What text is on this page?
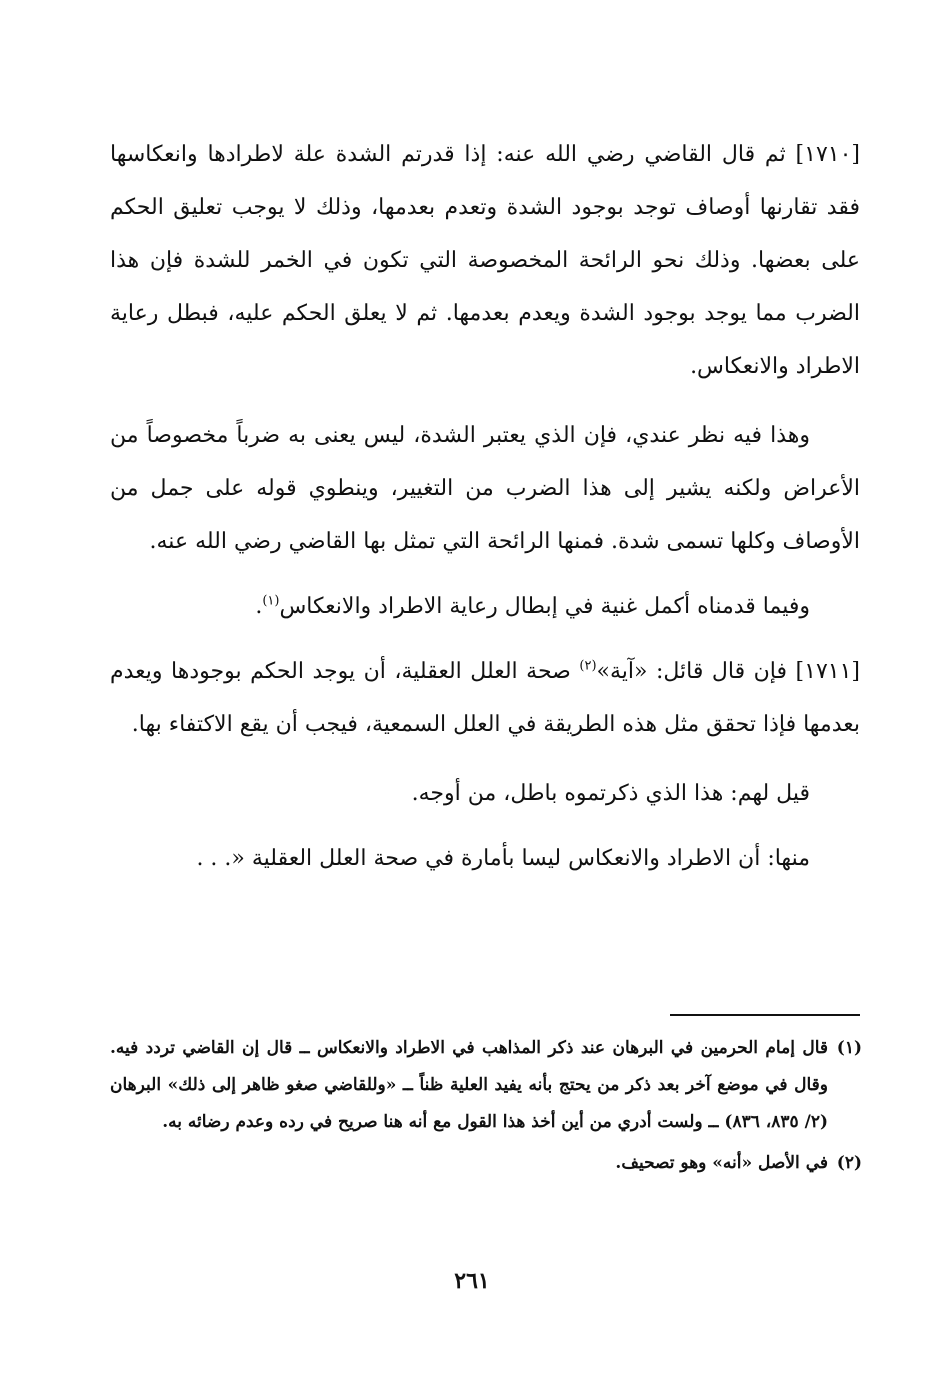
[١٧١٠] ثم قال القاضي رضي الله عنه: إذا قدرتم الشدة علة لاطرادها وانعكاسها فقد تقارنها أوصاف توجد بوجود الشدة وتعدم بعدمها، وذلك لا يوجب تعليق الحكم على بعضها. وذلك نحو الرائحة المخصوصة التي تكون في الخمر للشدة فإن هذا الضرب مما يوجد بوجود الشدة ويعدم بعدمها. ثم لا يعلق الحكم عليه، فبطل رعاية الاطراد والانعكاس.

وهذا فيه نظر عندي، فإن الذي يعتبر الشدة، ليس يعنى به ضرباً مخصوصاً من الأعراض ولكنه يشير إلى هذا الضرب من التغيير، وينطوي قوله على جمل من الأوصاف وكلها تسمى شدة. فمنها الرائحة التي تمثل بها القاضي رضي الله عنه.

وفيما قدمناه أكمل غنية في إبطال رعاية الاطراد والانعكاس$^{(١)}$.

[١٧١١] فإن قال قائل: «آية»$^{(٢)}$ صحة العلل العقلية، أن يوجد الحكم بوجودها ويعدم بعدمها فإذا تحقق مثل هذه الطريقة في العلل السمعية، فيجب أن يقع الاكتفاء بها.

قيل لهم: هذا الذي ذكرتموه باطل، من أوجه.

منها: أن الاطراد والانعكاس ليسا بأمارة في صحة العلل العقلية «. . .

(١)
قال إمام الحرمين في البرهان عند ذكر المذاهب في الاطراد والانعكاس ــ قال إن القاضي تردد فيه. وقال في موضع آخر بعد ذكر من يحتج بأنه يفيد العلية ظناً ــ «وللقاضي صغو ظاهر إلى ذلك» البرهان (٢/ ٨٣٥، ٨٣٦) ــ ولست أدري من أين أخذ هذا القول مع أنه هنا صريح في رده وعدم رضائه به.
(٢)
في الأصل «أنه» وهو تصحيف.
٢٦١
